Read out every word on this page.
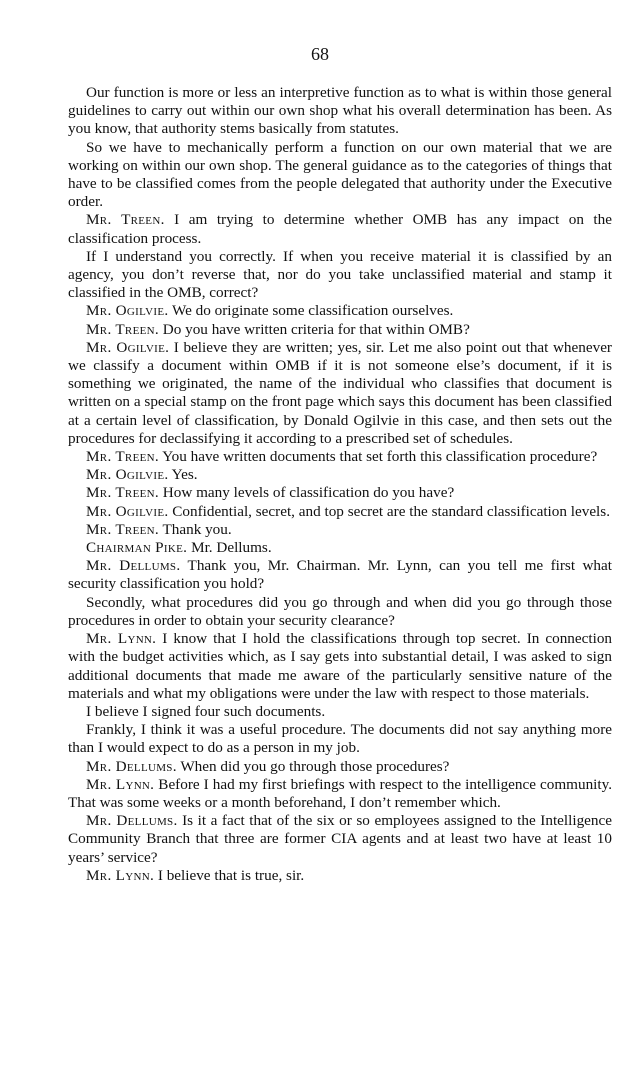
68

Our function is more or less an interpretive function as to what is within those general guidelines to carry out within our own shop what his overall determination has been. As you know, that authority stems basically from statutes.

So we have to mechanically perform a function on our own material that we are working on within our own shop. The general guidance as to the categories of things that have to be classified comes from the people delegated that authority under the Executive order.

Mr. Treen. I am trying to determine whether OMB has any impact on the classification process.

If I understand you correctly. If when you receive material it is classified by an agency, you don’t reverse that, nor do you take unclassified material and stamp it classified in the OMB, correct?

Mr. Ogilvie. We do originate some classification ourselves.

Mr. Treen. Do you have written criteria for that within OMB?

Mr. Ogilvie. I believe they are written; yes, sir. Let me also point out that whenever we classify a document within OMB if it is not someone else’s document, if it is something we originated, the name of the individual who classifies that document is written on a special stamp on the front page which says this document has been classified at a certain level of classification, by Donald Ogilvie in this case, and then sets out the procedures for declassifying it according to a prescribed set of schedules.

Mr. Treen. You have written documents that set forth this classification procedure?

Mr. Ogilvie. Yes.

Mr. Treen. How many levels of classification do you have?

Mr. Ogilvie. Confidential, secret, and top secret are the standard classification levels.

Mr. Treen. Thank you.

Chairman Pike. Mr. Dellums.

Mr. Dellums. Thank you, Mr. Chairman. Mr. Lynn, can you tell me first what security classification you hold?

Secondly, what procedures did you go through and when did you go through those procedures in order to obtain your security clearance?

Mr. Lynn. I know that I hold the classifications through top secret. In connection with the budget activities which, as I say gets into substantial detail, I was asked to sign additional documents that made me aware of the particularly sensitive nature of the materials and what my obligations were under the law with respect to those materials.

I believe I signed four such documents.

Frankly, I think it was a useful procedure. The documents did not say anything more than I would expect to do as a person in my job.

Mr. Dellums. When did you go through those procedures?

Mr. Lynn. Before I had my first briefings with respect to the intelligence community. That was some weeks or a month beforehand, I don’t remember which.

Mr. Dellums. Is it a fact that of the six or so employees assigned to the Intelligence Community Branch that three are former CIA agents and at least two have at least 10 years’ service?

Mr. Lynn. I believe that is true, sir.
